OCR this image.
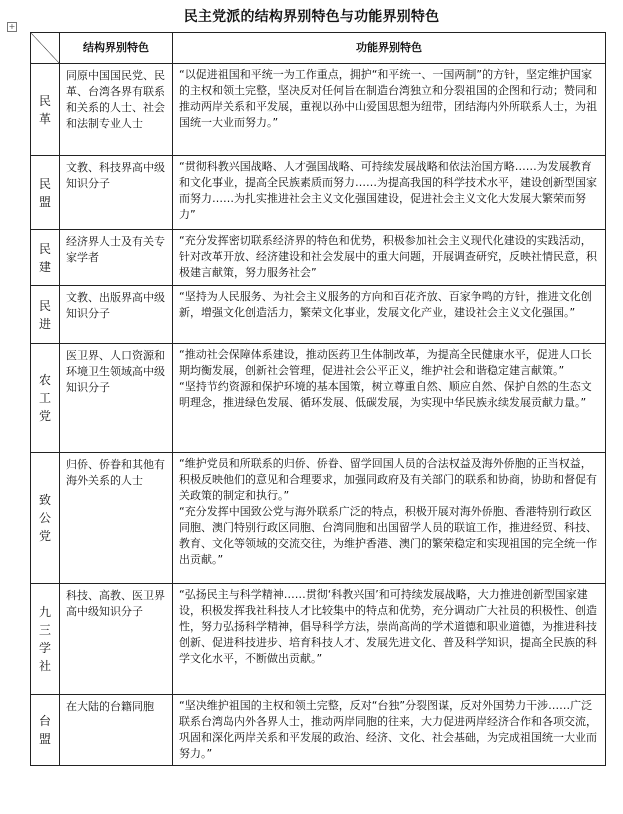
民主党派的结构界别特色与功能界别特色
+
	结构界别特色	功能界别特色

民革	同原中国国民党、民革、台湾各界有联系和关系的人士、社会和法制专业人士	“以促进祖国和平统一为工作重点，拥护“和平统一、一国两制”的方针，坚定维护国家的主权和领土完整，坚决反对任何旨在制造台湾独立和分裂祖国的企图和行动；赞同和推动两岸关系和平发展，重视以孙中山爱国思想为纽带，团结海内外所联系人士，为祖国统一大业而努力。”

民盟	文教、科技界高中级知识分子	“贯彻科教兴国战略、人才强国战略、可持续发展战略和依法治国方略……为发展教育和文化事业，提高全民族素质而努力……为提高我国的科学技术水平，建设创新型国家而努力……为扎实推进社会主义文化强国建设，促进社会主义文化大发展大繁荣而努力”

民建	经济界人士及有关专家学者	“充分发挥密切联系经济界的特色和优势，积极参加社会主义现代化建设的实践活动，针对改革开放、经济建设和社会发展中的重大问题，开展调查研究，反映社情民意，积极建言献策，努力服务社会”

民进	文教、出版界高中级知识分子	“坚持为人民服务、为社会主义服务的方向和百花齐放、百家争鸣的方针，推进文化创新，增强文化创造活力，繁荣文化事业，发展文化产业，建设社会主义文化强国。”

农工党	医卫界、人口资源和环境卫生领域高中级知识分子	“推动社会保障体系建设，推动医药卫生体制改革，为提高全民健康水平，促进人口长期均衡发展，创新社会管理，促进社会公平正义，维护社会和谐稳定建言献策。”

“坚持节约资源和保护环境的基本国策，树立尊重自然、顺应自然、保护自然的生态文明理念，推进绿色发展、循环发展、低碳发展，为实现中华民族永续发展贡献力量。”

致公党	归侨、侨眷和其他有海外关系的人士	“维护党员和所联系的归侨、侨眷、留学回国人员的合法权益及海外侨胞的正当权益，积极反映他们的意见和合理要求，加强同政府及有关部门的联系和协商，协助和督促有关政策的制定和执行。”

“充分发挥中国致公党与海外联系广泛的特点，积极开展对海外侨胞、香港特别行政区同胞、澳门特别行政区同胞、台湾同胞和出国留学人员的联谊工作，推进经贸、科技、教育、文化等领域的交流交往，为维护香港、澳门的繁荣稳定和实现祖国的完全统一作出贡献。”

九三学社	科技、高教、医卫界高中级知识分子	“弘扬民主与科学精神……贯彻‘科教兴国’和可持续发展战略，大力推进创新型国家建设，积极发挥我社科技人才比较集中的特点和优势，充分调动广大社员的积极性、创造性，努力弘扬科学精神，倡导科学方法，崇尚高尚的学术道德和职业道德，为推进科技创新、促进科技进步、培育科技人才、发展先进文化、普及科学知识，提高全民族的科学文化水平，不断做出贡献。”

台盟	在大陆的台籍同胞	“坚决维护祖国的主权和领土完整，反对“台独”分裂图谋，反对外国势力干涉……广泛联系台湾岛内外各界人士，推动两岸同胞的往来，大力促进两岸经济合作和各项交流，巩固和深化两岸关系和平发展的政治、经济、文化、社会基础，为完成祖国统一大业而努力。”
